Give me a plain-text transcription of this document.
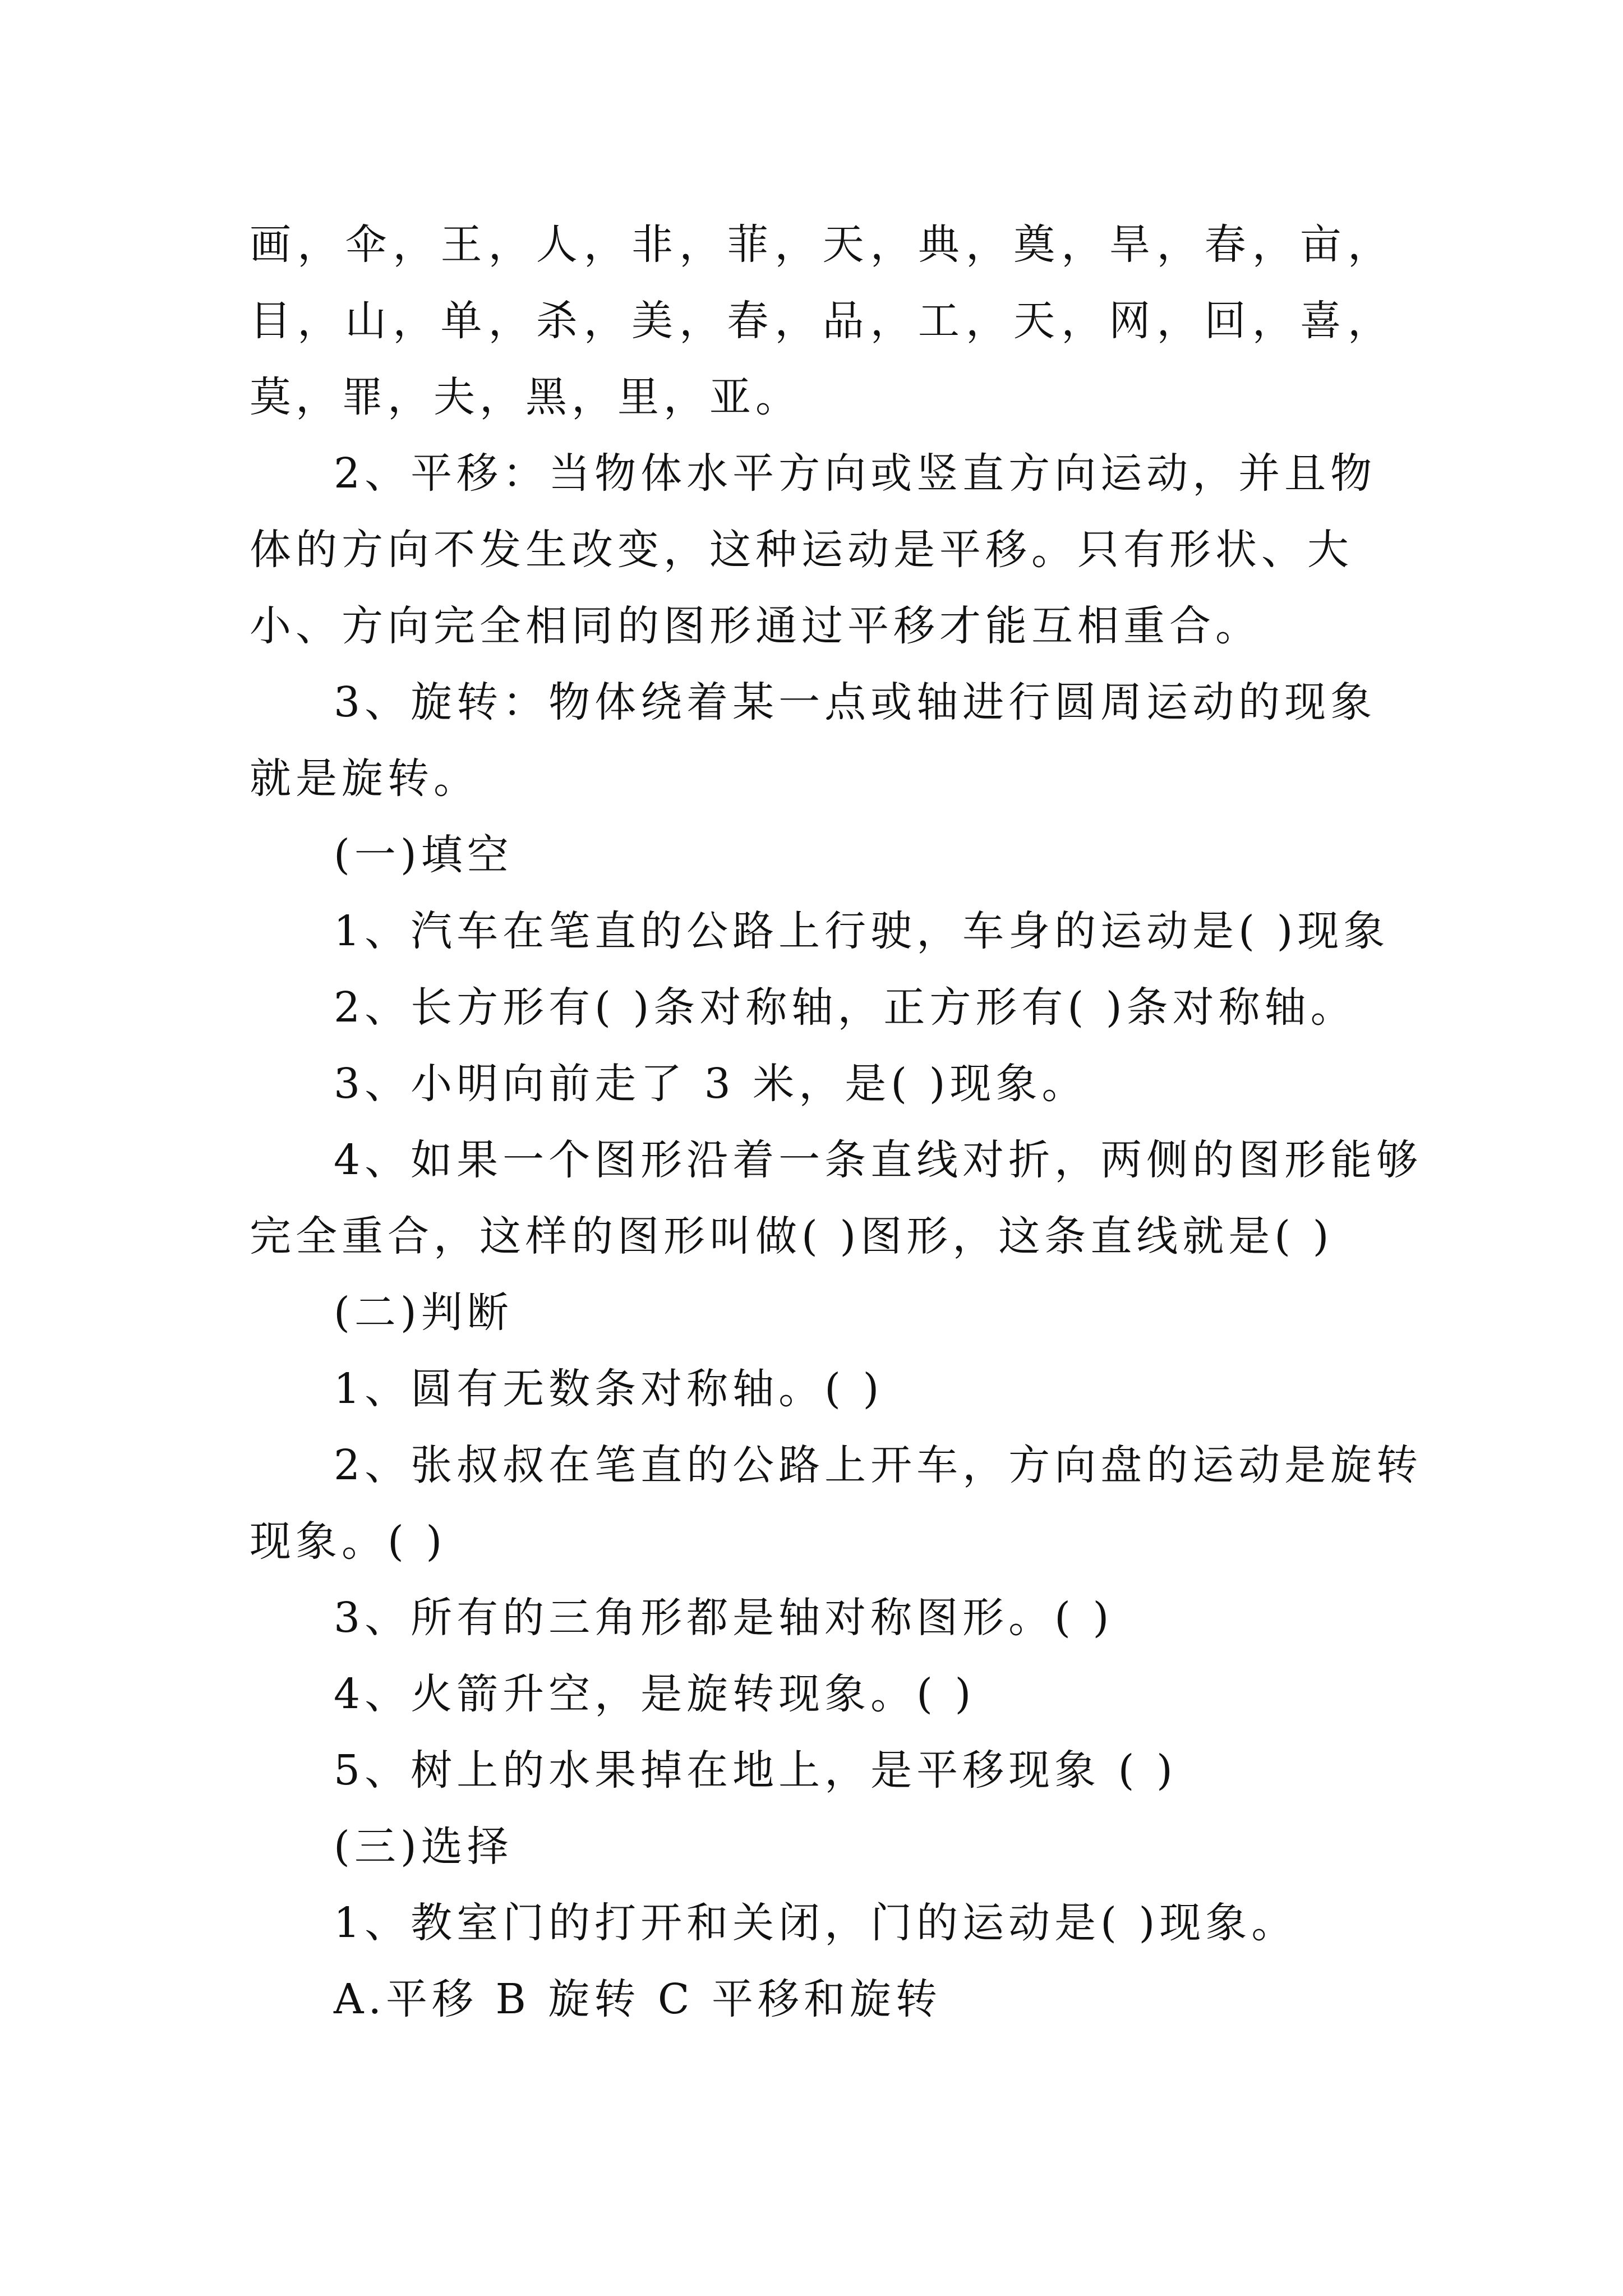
画，伞，王，人，非，菲，天，典，奠，旱，春，亩，目，山，单，杀，美，春，品，工，天，网，回，喜，莫，罪，夫，黑，里，亚。

2、平移：当物体水平方向或竖直方向运动，并且物体的方向不发生改变，这种运动是平移。只有形状、大小、方向完全相同的图形通过平移才能互相重合。

3、旋转：物体绕着某一点或轴进行圆周运动的现象就是旋转。

(一)填空

1、汽车在笔直的公路上行驶，车身的运动是( )现象

2、长方形有( )条对称轴，正方形有( )条对称轴。

3、小明向前走了 3 米，是( )现象。

4、如果一个图形沿着一条直线对折，两侧的图形能够

完全重合，这样的图形叫做( )图形，这条直线就是( )

(二)判断

1、圆有无数条对称轴。( )

2、张叔叔在笔直的公路上开车，方向盘的运动是旋转

现象。( )

3、所有的三角形都是轴对称图形。( )

4、火箭升空，是旋转现象。( )

5、树上的水果掉在地上，是平移现象 ( )

(三)选择

1、教室门的打开和关闭，门的运动是( )现象。

A.平移 B 旋转 C 平移和旋转
